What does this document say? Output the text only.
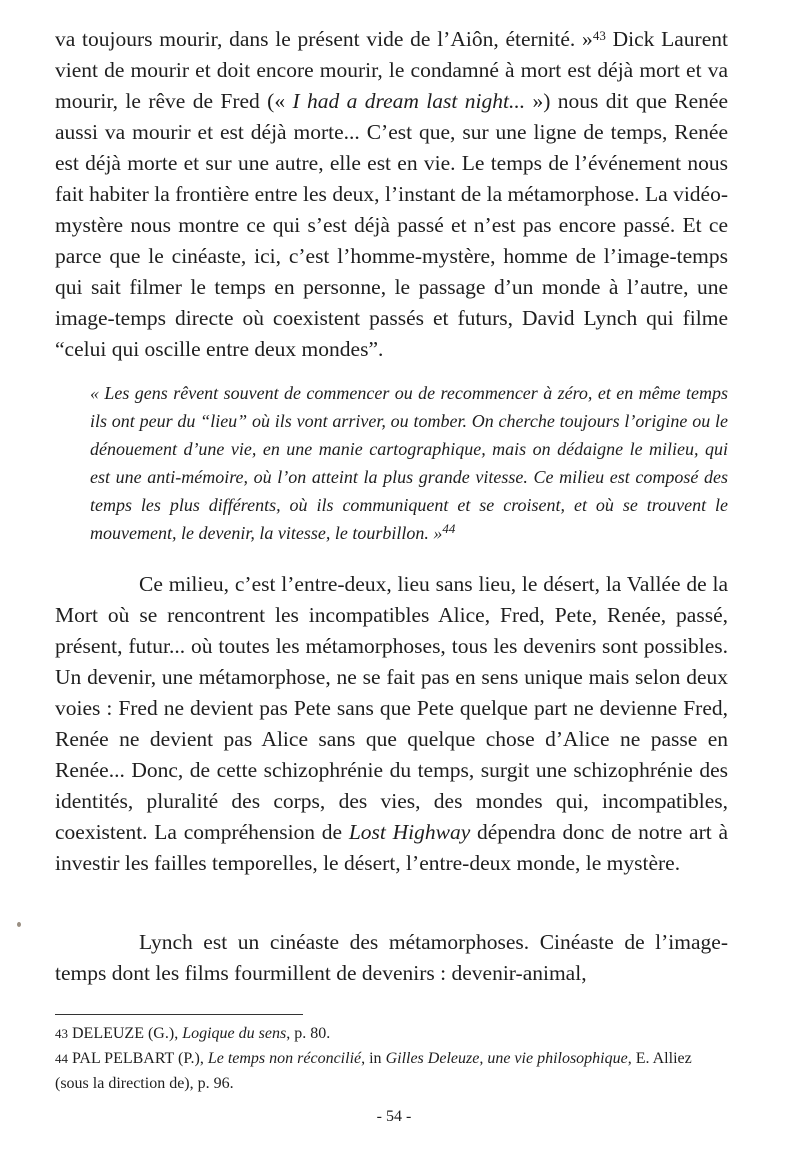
va toujours mourir, dans le présent vide de l’Aiôn, éternité. »$^{43}$ Dick Laurent vient de mourir et doit encore mourir, le condamné à mort est déjà mort et va mourir, le rêve de Fred (« I had a dream last night... ») nous dit que Renée aussi va mourir et est déjà morte... C’est que, sur une ligne de temps, Renée est déjà morte et sur une autre, elle est en vie. Le temps de l’événement nous fait habiter la frontière entre les deux, l’instant de la métamorphose. La vidéo-mystère nous montre ce qui s’est déjà passé et n’est pas encore passé. Et ce parce que le cinéaste, ici, c’est l’homme-mystère, homme de l’image-temps qui sait filmer le temps en personne, le passage d’un monde à l’autre, une image-temps directe où coexistent passés et futurs, David Lynch qui filme “celui qui oscille entre deux mondes”.

« Les gens rêvent souvent de commencer ou de recommencer à zéro, et en même temps ils ont peur du “lieu” où ils vont arriver, ou tomber. On cherche toujours l’origine ou le dénouement d’une vie, en une manie cartographique, mais on dédaigne le milieu, qui est une anti-mémoire, où l’on atteint la plus grande vitesse. Ce milieu est composé des temps les plus différents, où ils communiquent et se croisent, et où se trouvent le mouvement, le devenir, la vitesse, le tourbillon. »$^{44}$

Ce milieu, c’est l’entre-deux, lieu sans lieu, le désert, la Vallée de la Mort où se rencontrent les incompatibles Alice, Fred, Pete, Renée, passé, présent, futur... où toutes les métamorphoses, tous les devenirs sont possibles. Un devenir, une métamorphose, ne se fait pas en sens unique mais selon deux voies : Fred ne devient pas Pete sans que Pete quelque part ne devienne Fred, Renée ne devient pas Alice sans que quelque chose d’Alice ne passe en Renée... Donc, de cette schizophrénie du temps, surgit une schizophrénie des identités, pluralité des corps, des vies, des mondes qui, incompatibles, coexistent. La compréhension de Lost Highway dépendra donc de notre art à investir les failles temporelles, le désert, l’entre-deux monde, le mystère.

Lynch est un cinéaste des métamorphoses. Cinéaste de l’image-temps dont les films fourmillent de devenirs : devenir-animal,

43 DELEUZE (G.), Logique du sens, p. 80.

44 PAL PELBART (P.), Le temps non réconcilié, in Gilles Deleuze, une vie philosophique, E. Alliez (sous la direction de), p. 96.

- 54 -
